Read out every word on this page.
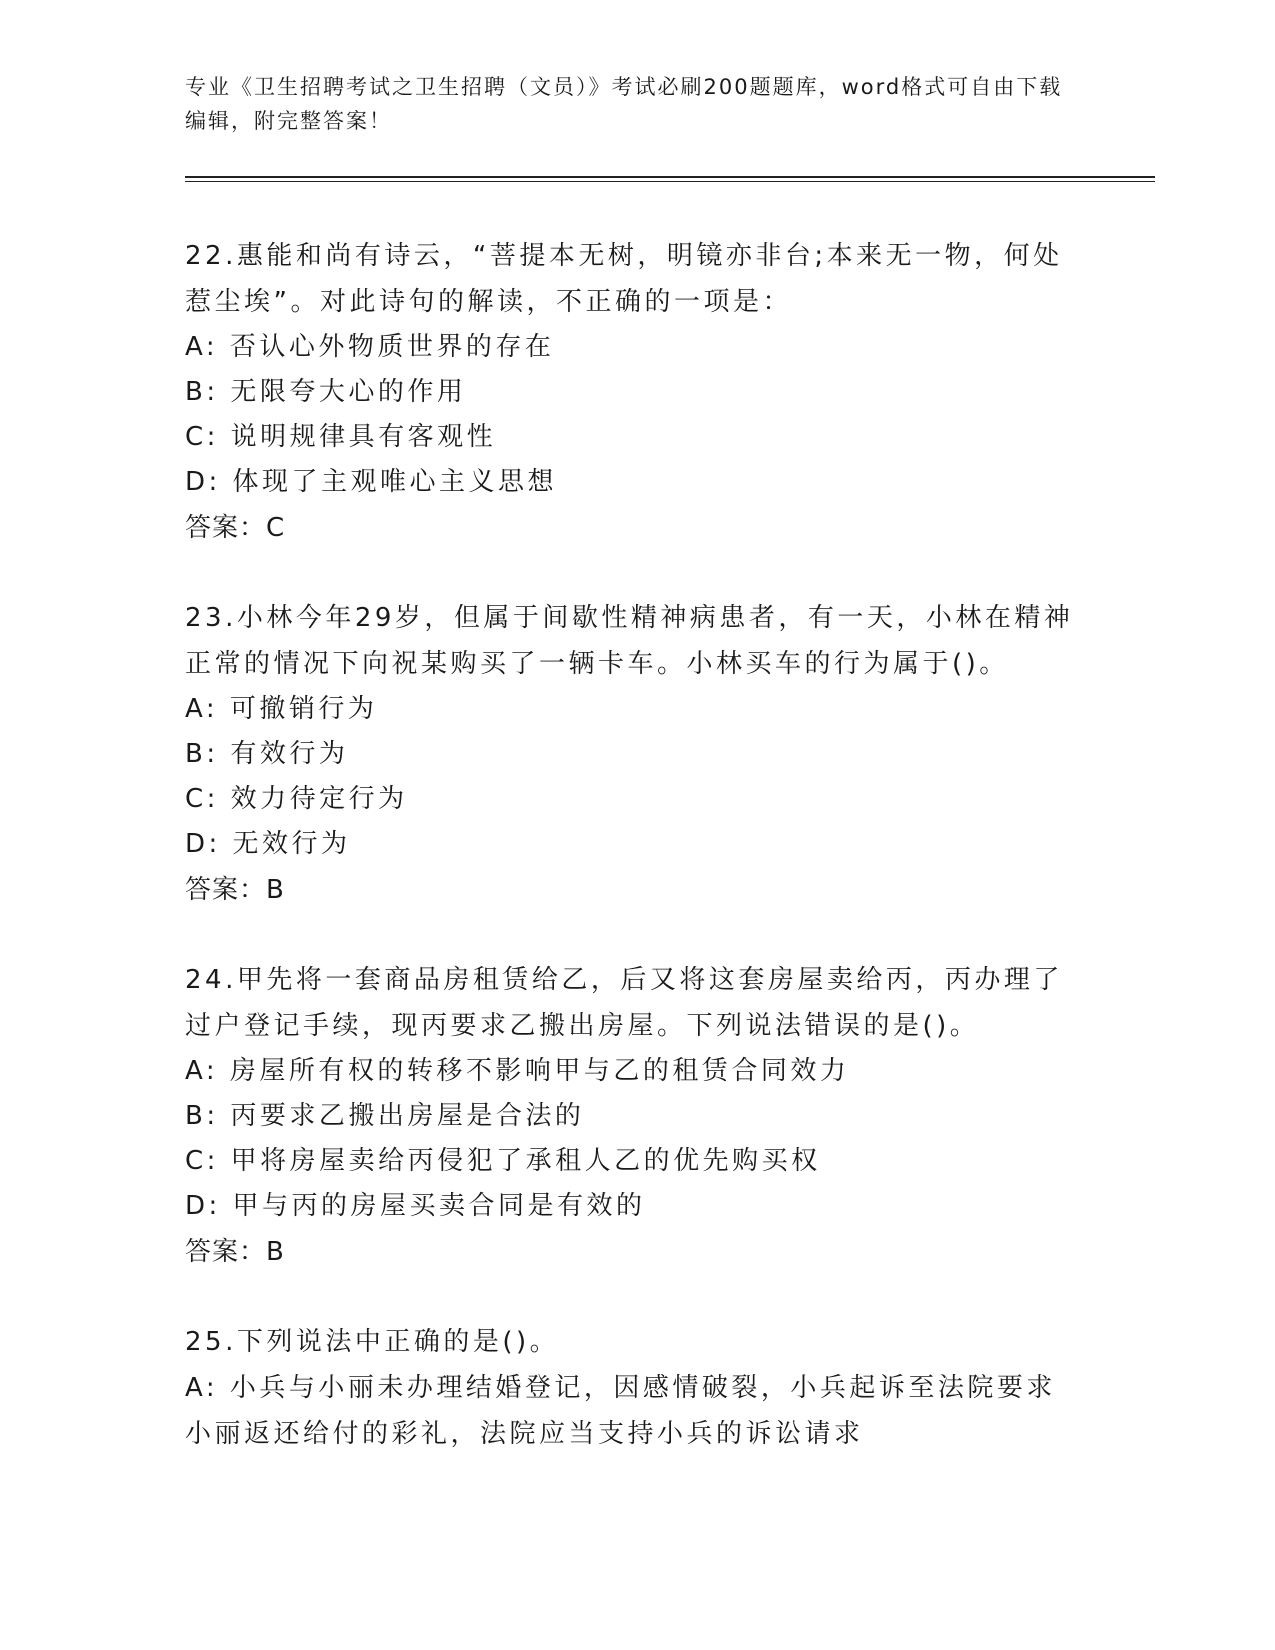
专业《卫生招聘考试之卫生招聘（文员）》考试必刷200题题库，word格式可自由下载编辑，附完整答案！
22.惠能和尚有诗云，“菩提本无树，明镜亦非台;本来无一物，何处惹尘埃”。对此诗句的解读，不正确的一项是：
A: 否认心外物质世界的存在
B: 无限夸大心的作用
C: 说明规律具有客观性
D: 体现了主观唯心主义思想
答案：C
23.小林今年29岁，但属于间歇性精神病患者，有一天，小林在精神正常的情况下向祝某购买了一辆卡车。小林买车的行为属于()。
A: 可撤销行为
B: 有效行为
C: 效力待定行为
D: 无效行为
答案：B
24.甲先将一套商品房租赁给乙，后又将这套房屋卖给丙，丙办理了过户登记手续，现丙要求乙搬出房屋。下列说法错误的是()。
A: 房屋所有权的转移不影响甲与乙的租赁合同效力
B: 丙要求乙搬出房屋是合法的
C: 甲将房屋卖给丙侵犯了承租人乙的优先购买权
D: 甲与丙的房屋买卖合同是有效的
答案：B
25.下列说法中正确的是()。
A: 小兵与小丽未办理结婚登记，因感情破裂，小兵起诉至法院要求小丽返还给付的彩礼，法院应当支持小兵的诉讼请求
